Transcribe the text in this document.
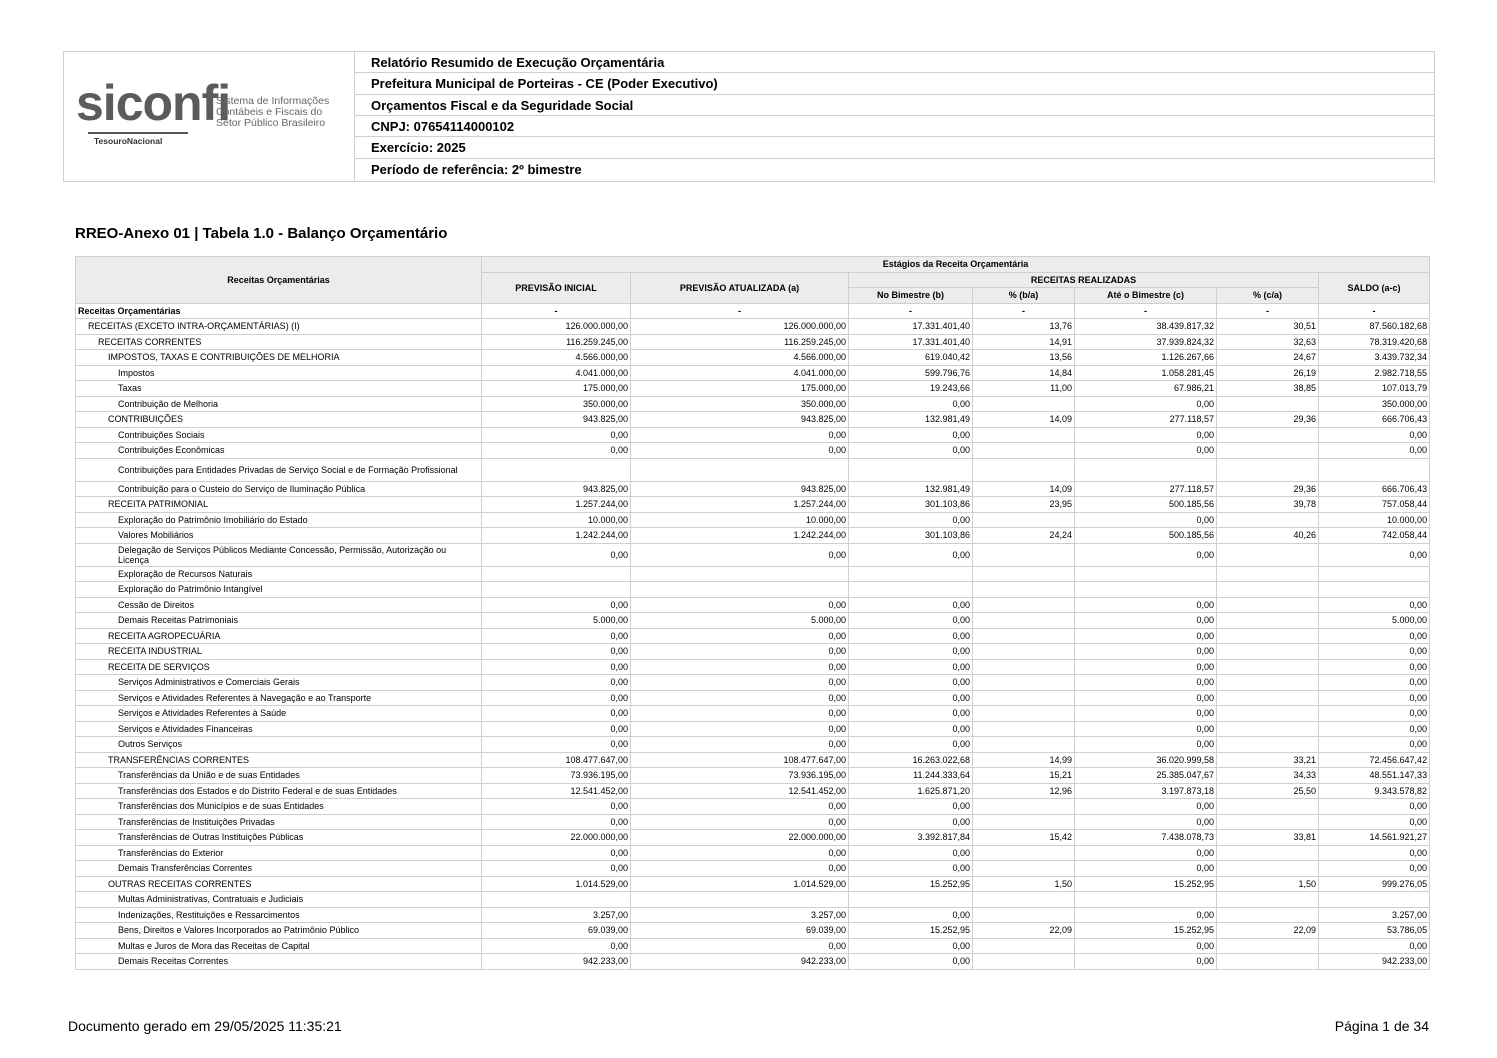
siconfi
Sistema de Informações
Contábeis e Fiscais do
Setor Público Brasileiro
TesouroNacional
Relatório Resumido de Execução Orçamentária
Prefeitura Municipal de Porteiras - CE (Poder Executivo)
Orçamentos Fiscal e da Seguridade Social
CNPJ: 07654114000102
Exercício: 2025
Período de referência: 2º bimestre
RREO-Anexo 01 | Tabela 1.0 - Balanço Orçamentário
Receitas Orçamentárias	Estágios da Receita Orçamentária						
	PREVISÃO INICIAL	PREVISÃO ATUALIZADA (a)	RECEITAS REALIZADAS				SALDO (a-c)
			No Bimestre (b)	% (b/a)	Até o Bimestre (c)	% (c/a)	
Receitas Orçamentárias	-	-	-	-	-	-	-
RECEITAS (EXCETO INTRA-ORÇAMENTÁRIAS) (I)	126.000.000,00	126.000.000,00	17.331.401,40	13,76	38.439.817,32	30,51	87.560.182,68
RECEITAS CORRENTES	116.259.245,00	116.259.245,00	17.331.401,40	14,91	37.939.824,32	32,63	78.319.420,68
IMPOSTOS, TAXAS E CONTRIBUIÇÕES DE MELHORIA	4.566.000,00	4.566.000,00	619.040,42	13,56	1.126.267,66	24,67	3.439.732,34
Impostos	4.041.000,00	4.041.000,00	599.796,76	14,84	1.058.281,45	26,19	2.982.718,55
Taxas	175.000,00	175.000,00	19.243,66	11,00	67.986,21	38,85	107.013,79
Contribuição de Melhoria	350.000,00	350.000,00	0,00		0,00		350.000,00
CONTRIBUIÇÕES	943.825,00	943.825,00	132.981,49	14,09	277.118,57	29,36	666.706,43
Contribuições Sociais	0,00	0,00	0,00		0,00		0,00
Contribuições Econômicas	0,00	0,00	0,00		0,00		0,00
Contribuições para Entidades Privadas de Serviço Social e de Formação Profissional							
Contribuição para o Custeio do Serviço de Iluminação Pública	943.825,00	943.825,00	132.981,49	14,09	277.118,57	29,36	666.706,43
RECEITA PATRIMONIAL	1.257.244,00	1.257.244,00	301.103,86	23,95	500.185,56	39,78	757.058,44
Exploração do Patrimônio Imobiliário do Estado	10.000,00	10.000,00	0,00		0,00		10.000,00
Valores Mobiliários	1.242.244,00	1.242.244,00	301.103,86	24,24	500.185,56	40,26	742.058,44
Delegação de Serviços Públicos Mediante Concessão, Permissão, Autorização ou Licença	0,00	0,00	0,00		0,00		0,00
Exploração de Recursos Naturais							
Exploração do Patrimônio Intangível							
Cessão de Direitos	0,00	0,00	0,00		0,00		0,00
Demais Receitas Patrimoniais	5.000,00	5.000,00	0,00		0,00		5.000,00
RECEITA AGROPECUÁRIA	0,00	0,00	0,00		0,00		0,00
RECEITA INDUSTRIAL	0,00	0,00	0,00		0,00		0,00
RECEITA DE SERVIÇOS	0,00	0,00	0,00		0,00		0,00
Serviços Administrativos e Comerciais Gerais	0,00	0,00	0,00		0,00		0,00
Serviços e Atividades Referentes à Navegação e ao Transporte	0,00	0,00	0,00		0,00		0,00
Serviços e Atividades Referentes à Saúde	0,00	0,00	0,00		0,00		0,00
Serviços e Atividades Financeiras	0,00	0,00	0,00		0,00		0,00
Outros Serviços	0,00	0,00	0,00		0,00		0,00
TRANSFERÊNCIAS CORRENTES	108.477.647,00	108.477.647,00	16.263.022,68	14,99	36.020.999,58	33,21	72.456.647,42
Transferências da União e de suas Entidades	73.936.195,00	73.936.195,00	11.244.333,64	15,21	25.385.047,67	34,33	48.551.147,33
Transferências dos Estados e do Distrito Federal e de suas Entidades	12.541.452,00	12.541.452,00	1.625.871,20	12,96	3.197.873,18	25,50	9.343.578,82
Transferências dos Municípios e de suas Entidades	0,00	0,00	0,00		0,00		0,00
Transferências de Instituições Privadas	0,00	0,00	0,00		0,00		0,00
Transferências de Outras Instituições Públicas	22.000.000,00	22.000.000,00	3.392.817,84	15,42	7.438.078,73	33,81	14.561.921,27
Transferências do Exterior	0,00	0,00	0,00		0,00		0,00
Demais Transferências Correntes	0,00	0,00	0,00		0,00		0,00
OUTRAS RECEITAS CORRENTES	1.014.529,00	1.014.529,00	15.252,95	1,50	15.252,95	1,50	999.276,05
Multas Administrativas, Contratuais e Judiciais							
Indenizações, Restituições e Ressarcimentos	3.257,00	3.257,00	0,00		0,00		3.257,00
Bens, Direitos e Valores Incorporados ao Patrimônio Público	69.039,00	69.039,00	15.252,95	22,09	15.252,95	22,09	53.786,05
Multas e Juros de Mora das Receitas de Capital	0,00	0,00	0,00		0,00		0,00
Demais Receitas Correntes	942.233,00	942.233,00	0,00		0,00		942.233,00
Documento gerado em 29/05/2025 11:35:21	Página 1 de 34
